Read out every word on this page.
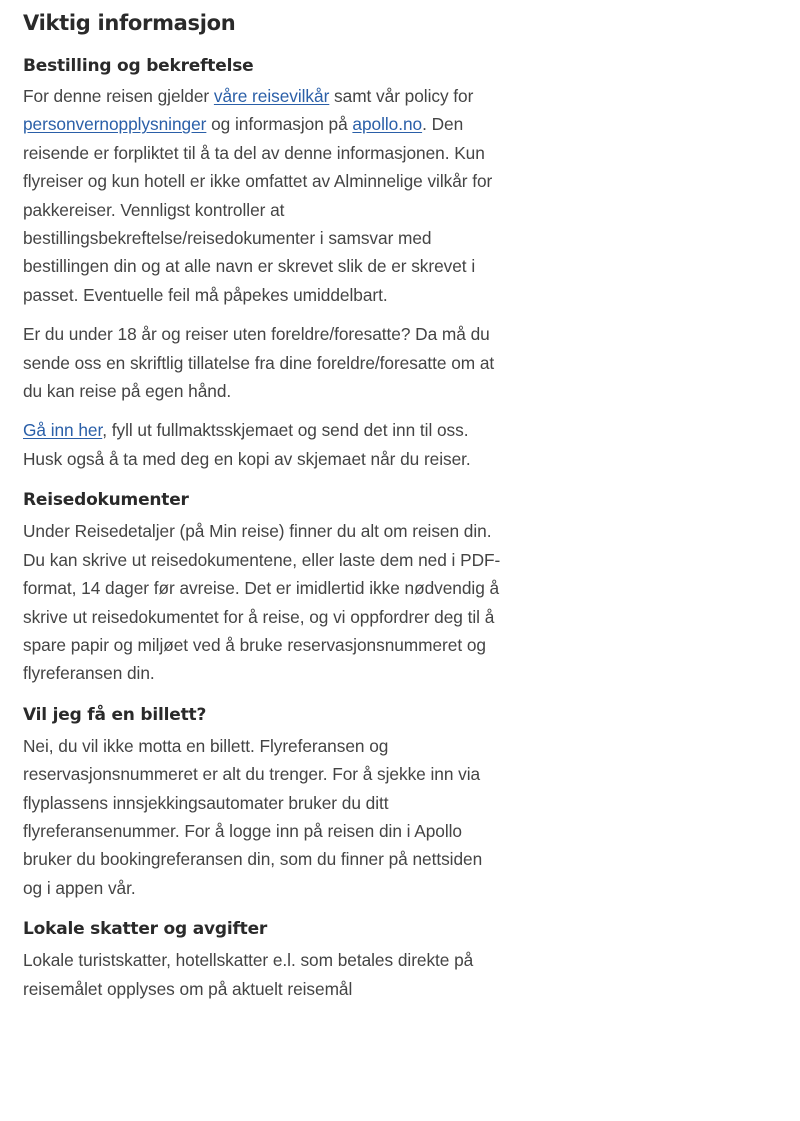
Viktig informasjon
Bestilling og bekreftelse

For denne reisen gjelder våre reisevilkår samt vår policy for personvernopplysninger og informasjon på apollo.no. Den reisende er forpliktet til å ta del av denne informasjonen. Kun flyreiser og kun hotell er ikke omfattet av Alminnelige vilkår for pakkereiser. Vennligst kontroller at bestillingsbekreftelse/reisedokumenter i samsvar med bestillingen din og at alle navn er skrevet slik de er skrevet i passet. Eventuelle feil må påpekes umiddelbart.

Er du under 18 år og reiser uten foreldre/foresatte? Da må du sende oss en skriftlig tillatelse fra dine foreldre/foresatte om at du kan reise på egen hånd.

Gå inn her, fyll ut fullmaktsskjemaet og send det inn til oss. Husk også å ta med deg en kopi av skjemaet når du reiser.

Reisedokumenter

Under Reisedetaljer (på Min reise) finner du alt om reisen din. Du kan skrive ut reisedokumentene, eller laste dem ned i PDF-format, 14 dager før avreise. Det er imidlertid ikke nødvendig å skrive ut reisedokumentet for å reise, og vi oppfordrer deg til å spare papir og miljøet ved å bruke reservasjonsnummeret og flyreferansen din.

Vil jeg få en billett?

Nei, du vil ikke motta en billett. Flyreferansen og reservasjonsnummeret er alt du trenger. For å sjekke inn via flyplassens innsjekkingsautomater bruker du ditt flyreferansenummer. For å logge inn på reisen din i Apollo bruker du bookingreferansen din, som du finner på nettsiden og i appen vår.

Lokale skatter og avgifter

Lokale turistskatter, hotellskatter e.l. som betales direkte på reisemålet opplyses om på aktuelt reisemål
